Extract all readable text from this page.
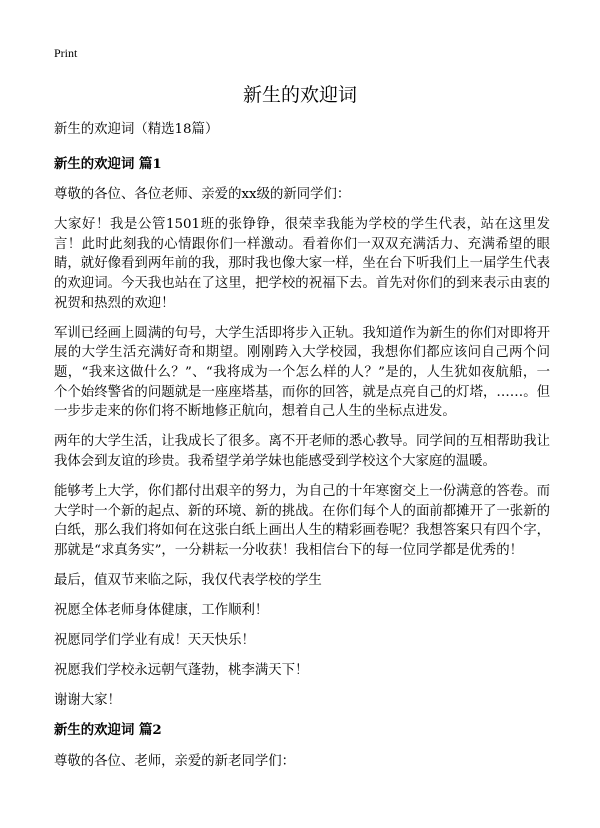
Print
新生的欢迎词

新生的欢迎词（精选18篇）

新生的欢迎词 篇1

尊敬的各位、各位老师、亲爱的xx级的新同学们：

大家好！我是公管1501班的张铮铮，很荣幸我能为学校的学生代表，站在这里发言！此时此刻我的心情跟你们一样激动。看着你们一双双充满活力、充满希望的眼睛，就好像看到两年前的我，那时我也像大家一样，坐在台下听我们上一届学生代表的欢迎词。今天我也站在了这里，把学校的祝福下去。首先对你们的到来表示由衷的祝贺和热烈的欢迎！

军训已经画上圆满的句号，大学生活即将步入正轨。我知道作为新生的你们对即将开展的大学生活充满好奇和期望。刚刚跨入大学校园，我想你们都应该问自己两个问题，“我来这做什么？”、“我将成为一个怎么样的人？”是的，人生犹如夜航船，一个个始终警省的问题就是一座座塔基，而你的回答，就是点亮自己的灯塔，……。但一步步走来的你们将不断地修正航向，想着自己人生的坐标点进发。

两年的大学生活，让我成长了很多。离不开老师的悉心教导。同学间的互相帮助我让我体会到友谊的珍贵。我希望学弟学妹也能感受到学校这个大家庭的温暖。

能够考上大学，你们都付出艰辛的努力，为自己的十年寒窗交上一份满意的答卷。而大学时一个新的起点、新的环境、新的挑战。在你们每个人的面前都摊开了一张新的白纸，那么我们将如何在这张白纸上画出人生的精彩画卷呢？我想答案只有四个字，那就是“求真务实”，一分耕耘一分收获！我相信台下的每一位同学都是优秀的！

最后，值双节来临之际，我仅代表学校的学生

祝愿全体老师身体健康，工作顺利！

祝愿同学们学业有成！天天快乐！

祝愿我们学校永远朝气蓬勃，桃李满天下！

谢谢大家！

新生的欢迎词 篇2

尊敬的各位、老师，亲爱的新老同学们：
